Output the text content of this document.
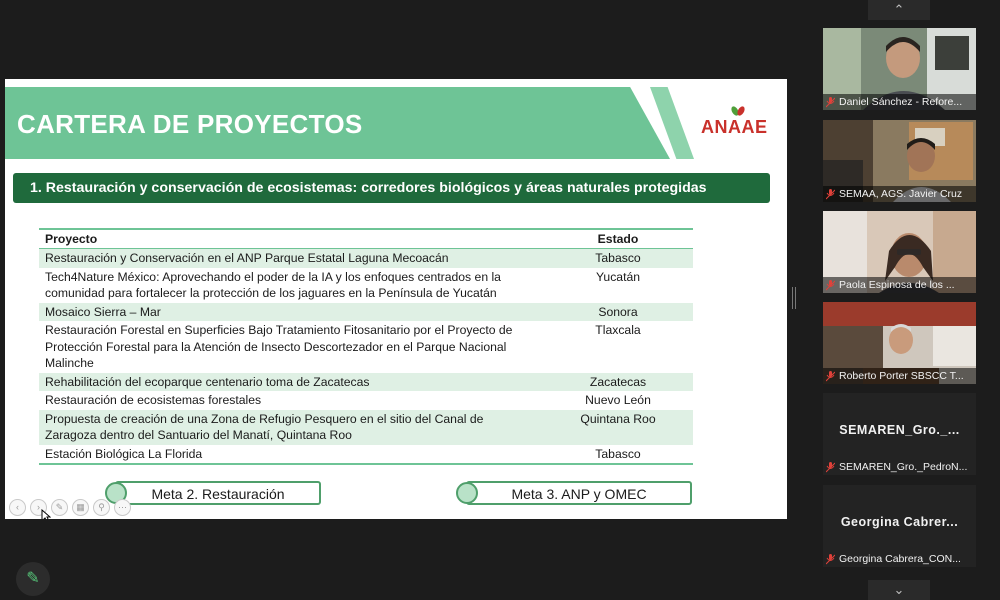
⌃
⌄
CARTERA DE PROYECTOS	ANAAE
1. Restauración y conservación de ecosistemas: corredores biológicos y áreas naturales protegidas
Proyecto	Estado
Restauración y Conservación en el ANP Parque Estatal Laguna Mecoacán	Tabasco
Tech4Nature México: Aprovechando el poder de la IA y los enfoques centrados en la comunidad para fortalecer la protección de los jaguares en la Península de Yucatán	Yucatán
Mosaico Sierra – Mar	Sonora
Restauración Forestal en Superficies Bajo Tratamiento Fitosanitario por el Proyecto de Protección Forestal para la Atención de Insecto Descortezador en el Parque Nacional Malinche	Tlaxcala
Rehabilitación del ecoparque centenario toma de Zacatecas	Zacatecas
Restauración de ecosistemas forestales	Nuevo León
Propuesta de creación de una Zona de Refugio Pesquero en el sitio del Canal de Zaragoza dentro del Santuario del Manatí, Quintana Roo	Quintana Roo
Estación Biológica La Florida	Tabasco
Meta 2. Restauración	Meta 3. ANP y OMEC
‹	›	✎	▦	⚲	⋯
✎
Daniel Sánchez - Refore...
SEMAA, AGS. Javier Cruz
Paola Espinosa de los ...
Roberto Porter SBSCC T...
SEMAREN_Gro._...
SEMAREN_Gro._PedroN...
Georgina Cabrer...
Georgina Cabrera_CON...
